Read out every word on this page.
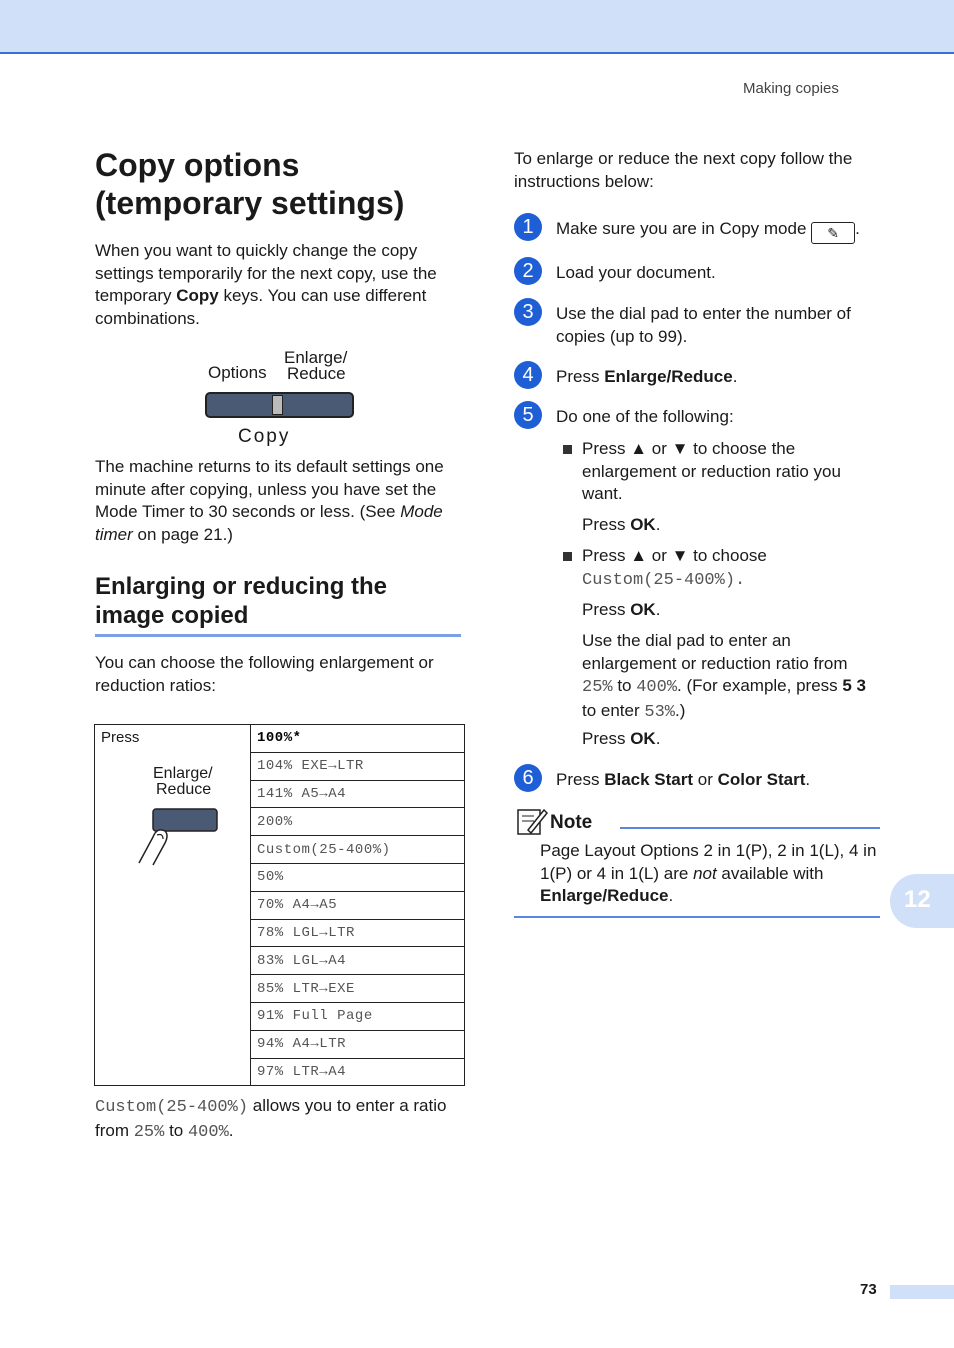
Making copies
Copy options (temporary settings)
When you want to quickly change the copy settings temporarily for the next copy, use the temporary Copy keys. You can use different combinations.
Options
Enlarge/
Reduce
Copy
The machine returns to its default settings one minute after copying, unless you have set the Mode Timer to 30 seconds or less. (See Mode timer on page 21.)
Enlarging or reducing the image copied
You can choose the following enlargement or reduction ratios:
Press
Enlarge/
Reduce
	100%*
104% EXE→LTR
141% A5→A4
200%
Custom(25-400%)
50%
70% A4→A5
78% LGL→LTR
83% LGL→A4
85% LTR→EXE
91% Full Page
94% A4→LTR
97% LTR→A4
Custom(25-400%) allows you to enter a ratio from 25% to 400%.
To enlarge or reduce the next copy follow the instructions below:
1	Make sure you are in Copy mode ✎ .
2	Load your document.
3	Use the dial pad to enter the number of copies (up to 99).
4	Press Enlarge/Reduce.
5	Do one of the following:
Press ▲ or ▼ to choose the enlargement or reduction ratio you want.
Press OK.
Press ▲ or ▼ to choose
Custom(25-400%).
Press OK.
Use the dial pad to enter an enlargement or reduction ratio from 25% to 400%. (For example, press 5 3 to enter 53%.)
Press OK.
6	Press Black Start or Color Start.
Note
Page Layout Options 2 in 1(P), 2 in 1(L), 4 in 1(P) or 4 in 1(L) are not available with Enlarge/Reduce.	12
73
